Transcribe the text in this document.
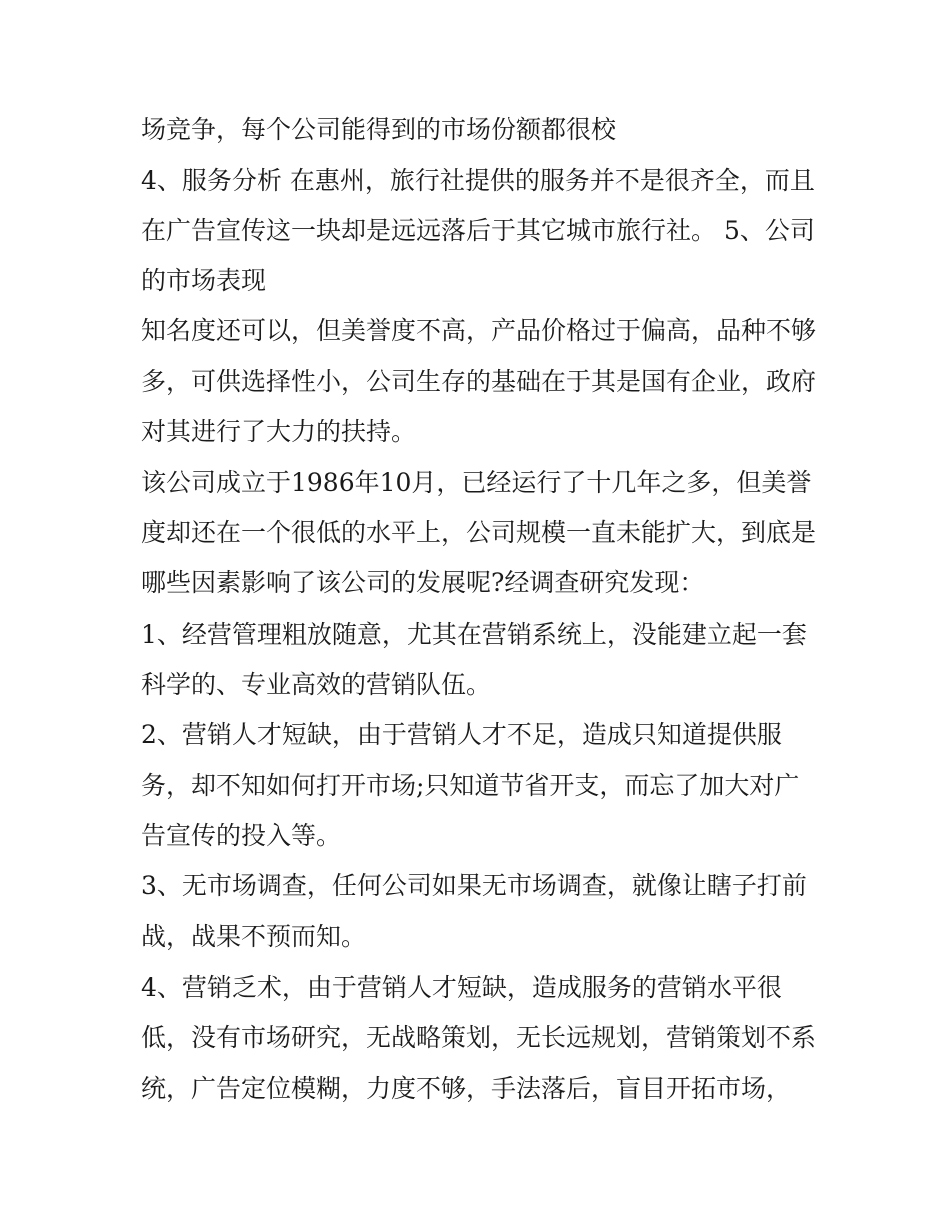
场竞争，每个公司能得到的市场份额都很校
4、服务分析 在惠州，旅行社提供的服务并不是很齐全，而且
在广告宣传这一块却是远远落后于其它城市旅行社。 5、公司
的市场表现
知名度还可以，但美誉度不高，产品价格过于偏高，品种不够
多，可供选择性小，公司生存的基础在于其是国有企业，政府
对其进行了大力的扶持。
该公司成立于1986年10月，已经运行了十几年之多，但美誉
度却还在一个很低的水平上，公司规模一直未能扩大，到底是
哪些因素影响了该公司的发展呢?经调查研究发现：
1、经营管理粗放随意，尤其在营销系统上，没能建立起一套
科学的、专业高效的营销队伍。
2、营销人才短缺，由于营销人才不足，造成只知道提供服
务，却不知如何打开市场;只知道节省开支，而忘了加大对广
告宣传的投入等。
3、无市场调查，任何公司如果无市场调查，就像让瞎子打前
战，战果不预而知。
4、营销乏术，由于营销人才短缺，造成服务的营销水平很
低，没有市场研究，无战略策划，无长远规划，营销策划不系
统，广告定位模糊，力度不够，手法落后，盲目开拓市场，
